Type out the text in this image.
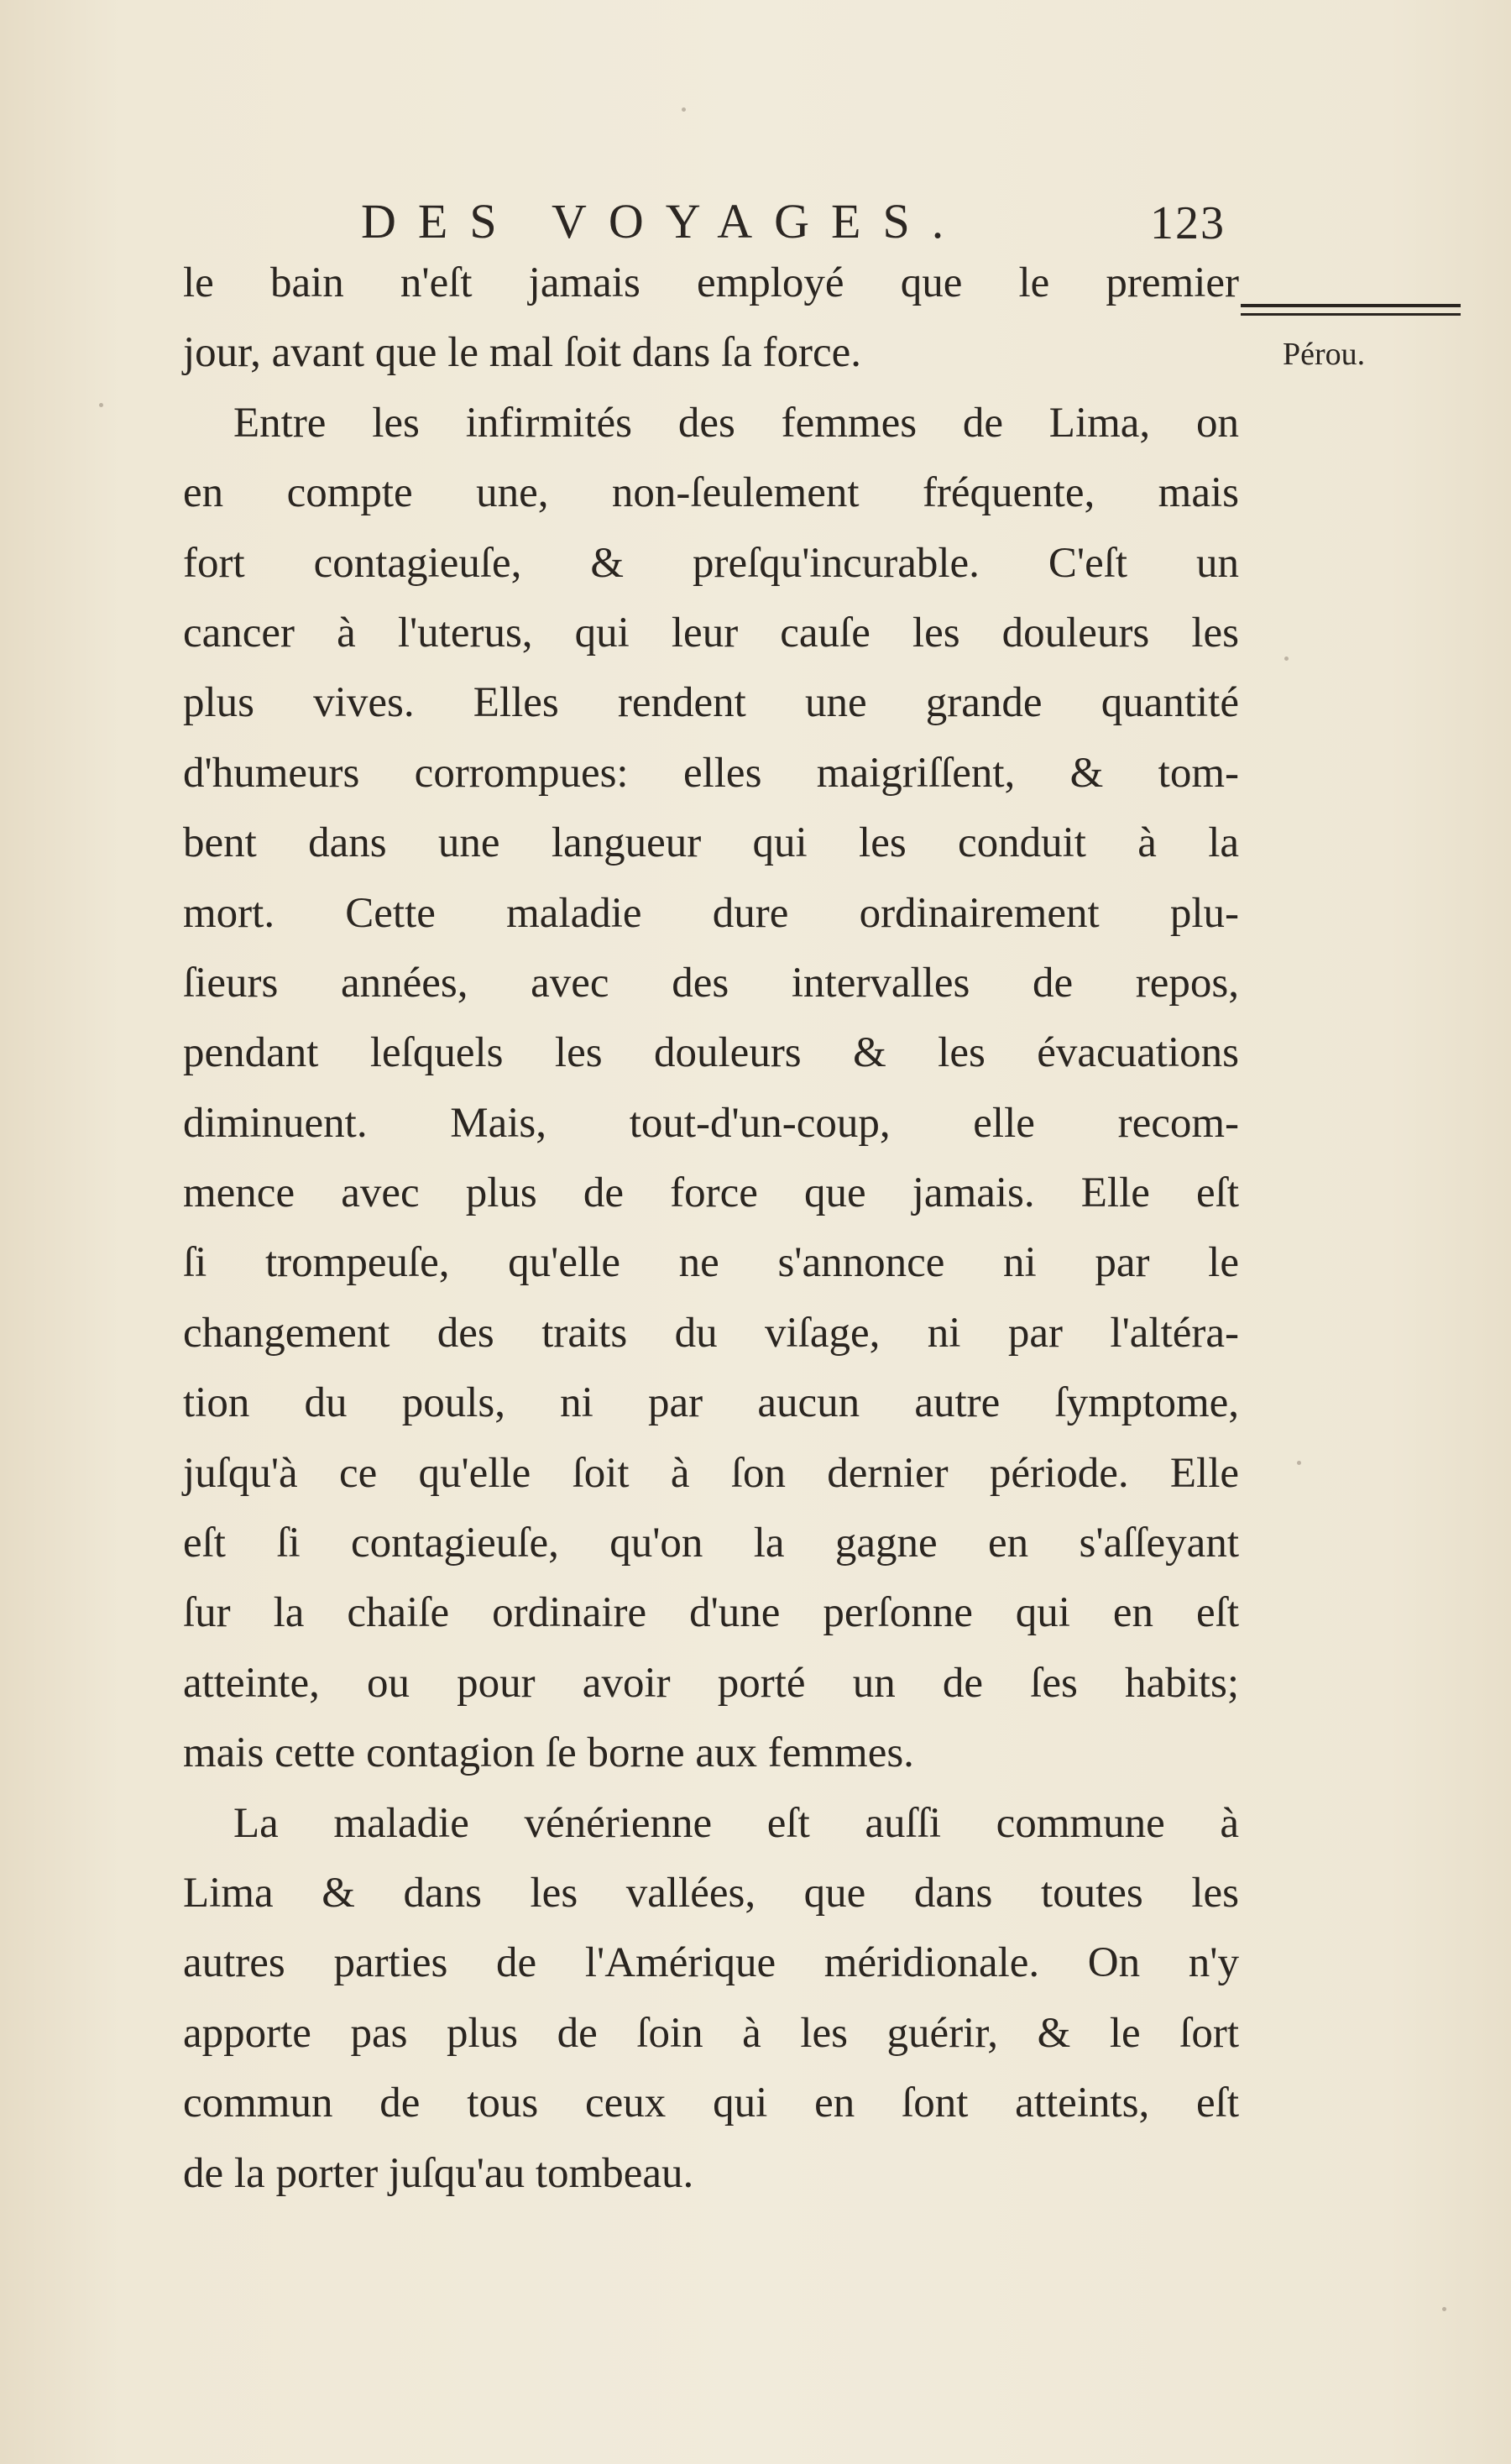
DES VOYAGES.	123
Pérou.
le bain n'eſt jamais employé que le premier
jour, avant que le mal ſoit dans ſa force.
Entre les infirmités des femmes de Lima, on
en compte une, non-ſeulement fréquente, mais
fort contagieuſe, & preſqu'incurable. C'eſt un
cancer à l'uterus, qui leur cauſe les douleurs les
plus vives. Elles rendent une grande quantité
d'humeurs corrompues: elles maigriſſent, & tom-
bent dans une langueur qui les conduit à la
mort. Cette maladie dure ordinairement plu-
ſieurs années, avec des intervalles de repos,
pendant leſquels les douleurs & les évacuations
diminuent. Mais, tout-d'un-coup, elle recom-
mence avec plus de force que jamais. Elle eſt
ſi trompeuſe, qu'elle ne s'annonce ni par le
changement des traits du viſage, ni par l'altéra-
tion du pouls, ni par aucun autre ſymptome,
juſqu'à ce qu'elle ſoit à ſon dernier période. Elle
eſt ſi contagieuſe, qu'on la gagne en s'aſſeyant
ſur la chaiſe ordinaire d'une perſonne qui en eſt
atteinte, ou pour avoir porté un de ſes habits;
mais cette contagion ſe borne aux femmes.
La maladie vénérienne eſt auſſi commune à
Lima & dans les vallées, que dans toutes les
autres parties de l'Amérique méridionale. On n'y
apporte pas plus de ſoin à les guérir, & le ſort
commun de tous ceux qui en ſont atteints, eſt
de la porter juſqu'au tombeau.
